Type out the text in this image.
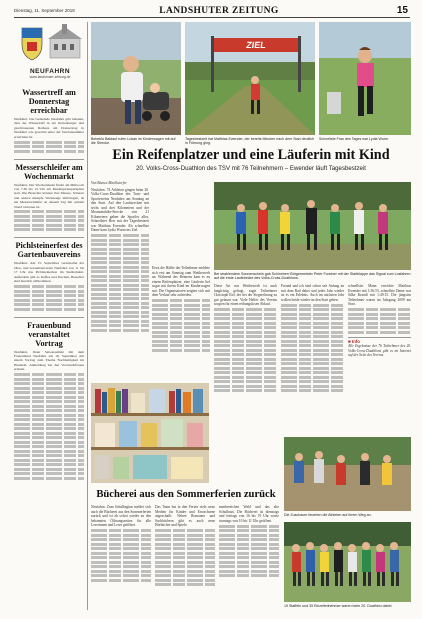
Dienstag, 11. September 2018	LANDSHUTER ZEITUNG	15
NEUFAHRN
www.landshuter-zeitung.de
Wassertreff am Donnerstag erreichbar
Neufahrn. Die Gemeinde Neufahrn gibt bekannt, dass der Wassertreff in der Rottenburger und geschlossenen Rathaus am Donnerstag in Neufahrn wie gewohnt unter der Telefonnummer erreichbar ist.
Messerschleifer am Wochenmarkt
Neufahrn. Der Wochenmarkt findet am Mittwoch von 7.30 bis 13 Uhr am Kindergartenparkplatz statt. Die Besucher können ihre Messer, Scheren und andere stumpfe Werkzeuge mitbringen, da ein Messerschleifer an diesem Tag mit seinem Stand vertreten ist.
Pichlsteinerfest des Gartenbauvereins
Neufahrn. Am 15. September veranstaltet der Obst- und Gartenbauverein Neufahrn von 11 bis 17 Uhr das Pichlsteinerfest im Siedlerheim. Außerdem gibt es Kaffee und Kuchen, Besucher sind herzlich willkommen.
Frauenbund veranstaltet Vortrag
Neufahrn. Ihren Saisonauftakt mit dem Frauenbund Neufahrn am 18. September mit einem Vortrag zum Thema Nachhaltigkeit im Haushalt. Anmeldung bei den Vorstandsfrauen erbeten.
Bebeklo Baldauf rufen Lukas im Kinderwagen mit auf die Strecke.
ZIEL
Tagesbestzeit hat Matthias Ewender, der bereits Minuten nach dem Start deutlich in Führung ging.
Schnellste Frau des Tages war Lydia Wurm.
Ein Reifenplatzer und eine Läuferin mit Kind
20. Volks-Cross-Duathlon des TSV mit 76 Teilnehmern – Ewender läuft Tagesbestzeit
Von Bianca Marklstorfer
Neufahrn. 74 Athleten gingen beim 20. Volks-Cross-Duathlon des Turn- und Sportvereins Neufahrn am Sonntag an den Start. Auf den Laufstrecken mit sechs und drei Kilometern und der Mountainbike-Strecke von 21 Kilometern gaben die Sportler alles. Schnellster Herr mit der Tagesbestzeit war Matthias Ewender. Als schnellste Dame kam Lydia Wurm ins Ziel.
Etwa die Hälfte der Teilnehmer meldete sich erst am Sonntag zum Wettbewerb an. Während des Rennens kam es zu einem Reifenplatzer, eine Läuferin lief sogar mit ihrem Kind im Kinderwagen mit. Die Organisatoren zeigten sich mit dem Verlauf sehr zufrieden.
Bei strahlendem Sonnenschein gab Schirmherr Bürgermeister Peter Forstner mit der Startklappe das Signal zum Losfahren auf die erste Laufstrecke des Volks-Cross-Duathlons.
Diese Art von Wettbewerb ist auch langfristig gefragt, sagte Teilnehmer Christoph Eirl, der bei der Siegerehrung zu gut gelaunt war. Viele Helfer des Vereins sorgten für einen reibungslosen Ablauf.
Freund und ich sind schon seit Anfang an mit dem Rad dabei und jedes Jahr wieder ist es ein Erlebnis. Auch im nächsten Jahr wollen beide wieder an den Start gehen.
schnellster Mann erreichte Matthias Ewender mit 1:36:53, schnellste Dame war Silke Krandl mit 1:49:15. Die jüngsten Teilnehmer waren im Jahrgang 2009 am Start.
■ Info
Alle Ergebnisse der 76 Teilnehmer des 20. Volks-Cross-Duathlons gibt es im Internet auf der Seite des Vereins.
Bücherei aus den Sommerferien zurück
Neufahrn. Zum Schulbeginn meldet sich auch die Bücherei aus den Sommerferien zurück und ist ab sofort wieder zu den bekannten Öffnungszeiten für alle Leserinnen und Leser geöffnet.
Das Team hat in den Ferien viele neue Medien für Kinder und Erwachsene angeschafft. Neben Romanen und Sachbüchern gibt es auch neue Hörbücher und Spiele.
menbereichen Wald und das alte Schulhaus. Die Bücherei ist dienstags und freitags von 16 bis 19 Uhr sowie sonntags von 10 bis 11 Uhr geöffnet.
Die Zuschauer feuerten die Athleten auf ihrem Weg an.
19 Staffeln und 39 Einzelteilnehmer waren beim 20. Duathlon dabei.
